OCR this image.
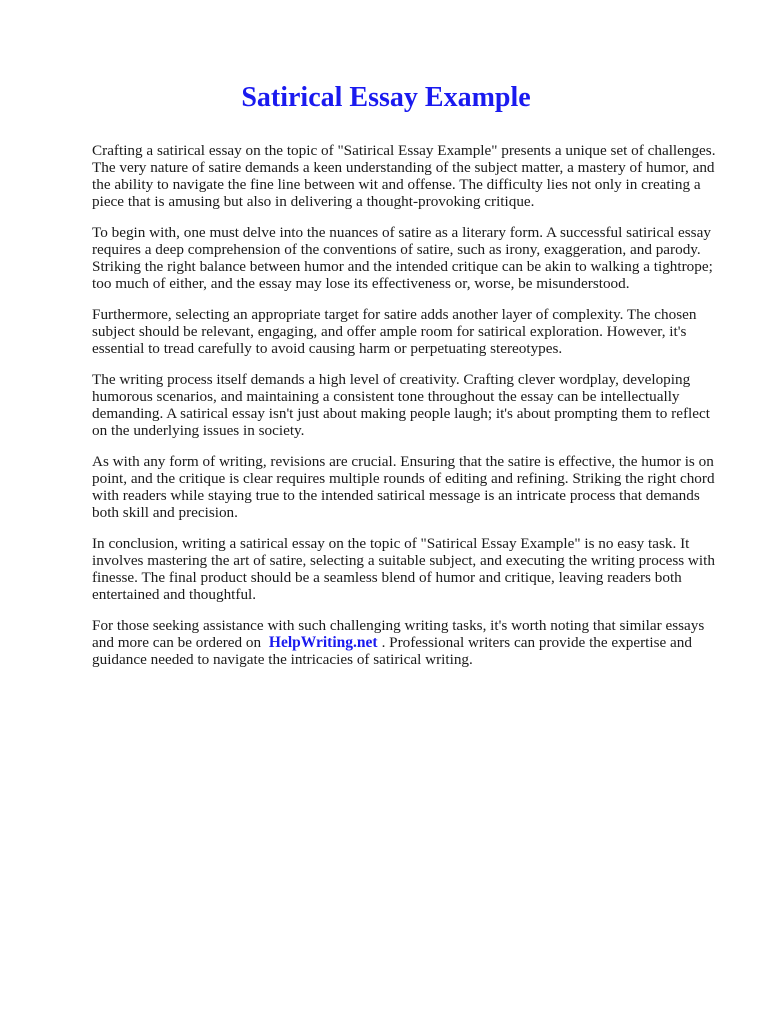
Satirical Essay Example

Crafting a satirical essay on the topic of "Satirical Essay Example" presents a unique set of challenges. The very nature of satire demands a keen understanding of the subject matter, a mastery of humor, and the ability to navigate the fine line between wit and offense. The difficulty lies not only in creating a piece that is amusing but also in delivering a thought-provoking critique.

To begin with, one must delve into the nuances of satire as a literary form. A successful satirical essay requires a deep comprehension of the conventions of satire, such as irony, exaggeration, and parody. Striking the right balance between humor and the intended critique can be akin to walking a tightrope; too much of either, and the essay may lose its effectiveness or, worse, be misunderstood.

Furthermore, selecting an appropriate target for satire adds another layer of complexity. The chosen subject should be relevant, engaging, and offer ample room for satirical exploration. However, it's essential to tread carefully to avoid causing harm or perpetuating stereotypes.

The writing process itself demands a high level of creativity. Crafting clever wordplay, developing humorous scenarios, and maintaining a consistent tone throughout the essay can be intellectually demanding. A satirical essay isn't just about making people laugh; it's about prompting them to reflect on the underlying issues in society.

As with any form of writing, revisions are crucial. Ensuring that the satire is effective, the humor is on point, and the critique is clear requires multiple rounds of editing and refining. Striking the right chord with readers while staying true to the intended satirical message is an intricate process that demands both skill and precision.

In conclusion, writing a satirical essay on the topic of "Satirical Essay Example" is no easy task. It involves mastering the art of satire, selecting a suitable subject, and executing the writing process with finesse. The final product should be a seamless blend of humor and critique, leaving readers both entertained and thoughtful.

For those seeking assistance with such challenging writing tasks, it's worth noting that similar essays and more can be ordered on HelpWriting.net . Professional writers can provide the expertise and guidance needed to navigate the intricacies of satirical writing.
